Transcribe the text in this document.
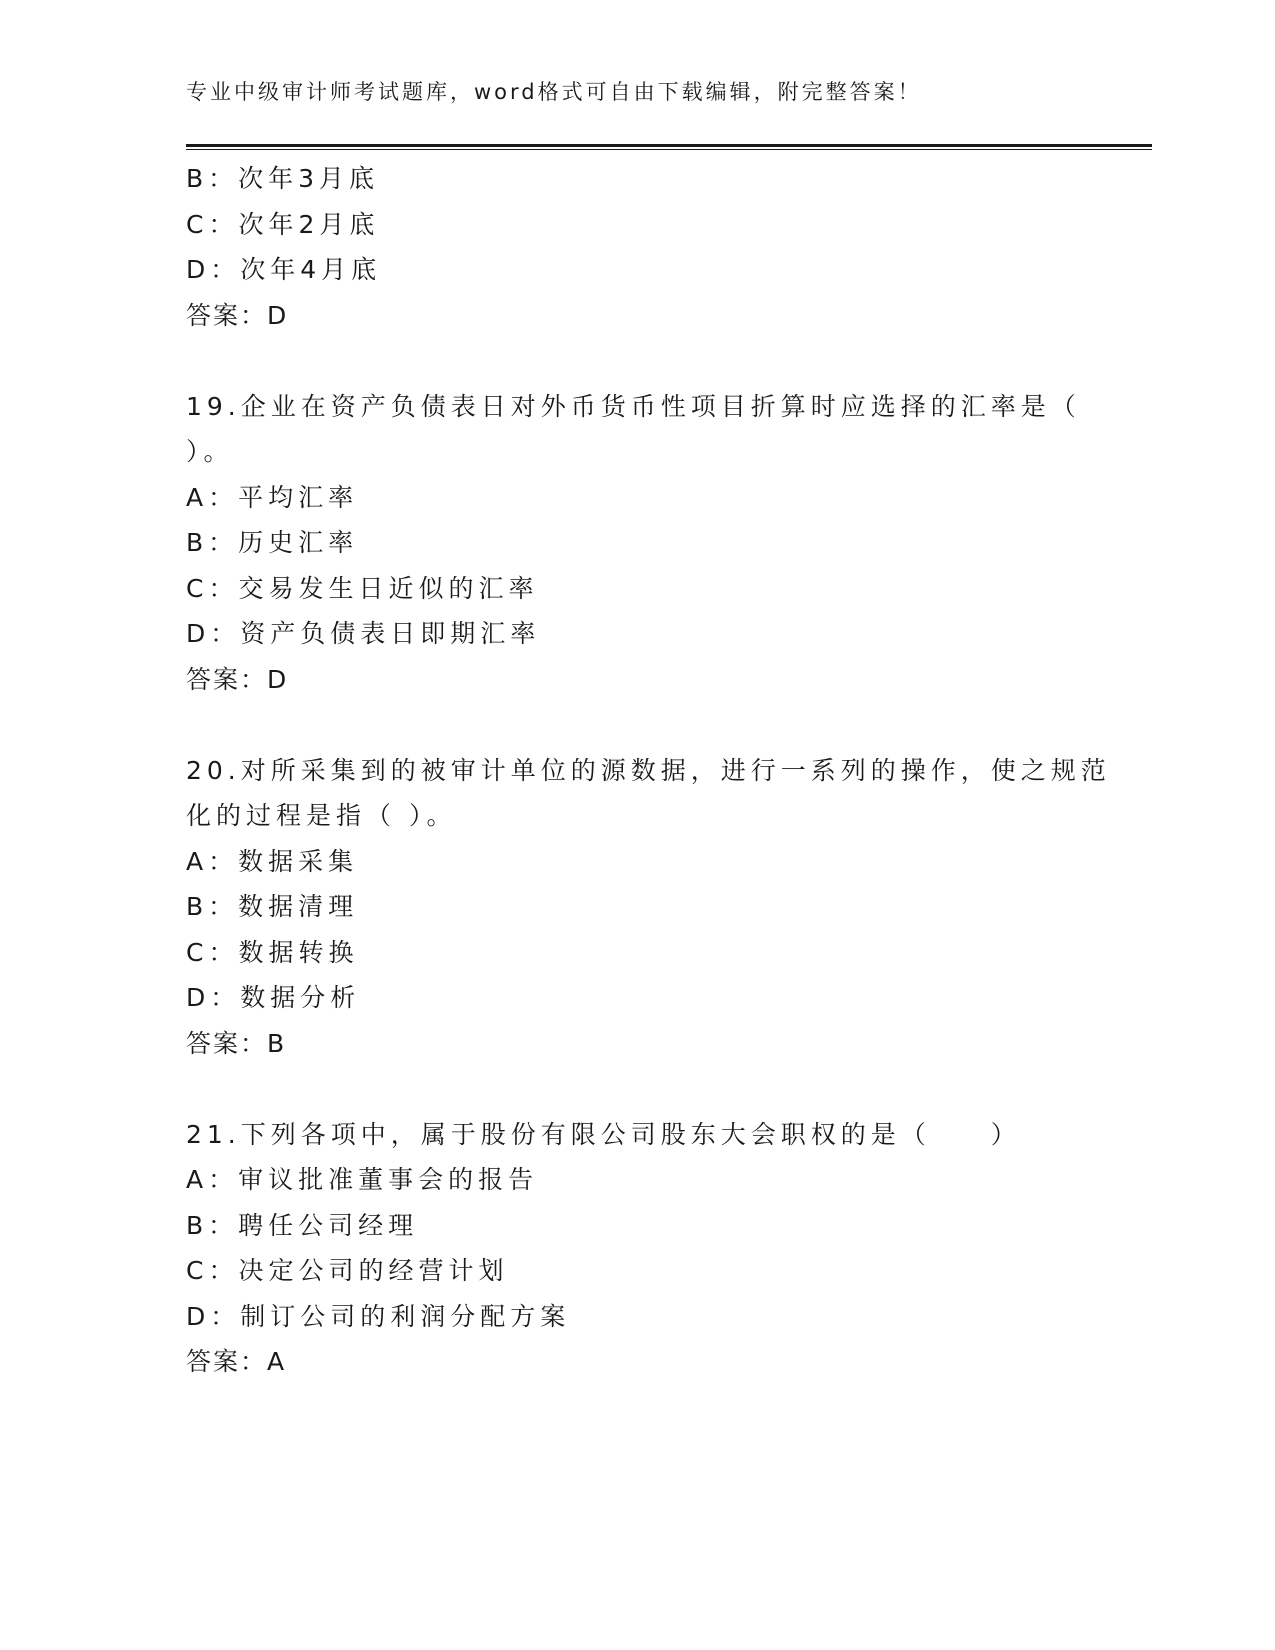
专业中级审计师考试题库，word格式可自由下载编辑，附完整答案！
B：次年3月底
C：次年2月底
D：次年4月底
答案：D
19.企业在资产负债表日对外币货币性项目折算时应选择的汇率是（
）。
A：平均汇率
B：历史汇率
C：交易发生日近似的汇率
D：资产负债表日即期汇率
答案：D
20.对所采集到的被审计单位的源数据，进行一系列的操作，使之规范
化的过程是指（ ）。
A：数据采集
B：数据清理
C：数据转换
D：数据分析
答案：B
21.下列各项中，属于股份有限公司股东大会职权的是（　　）
A：审议批准董事会的报告
B：聘任公司经理
C：决定公司的经营计划
D：制订公司的利润分配方案
答案：A
